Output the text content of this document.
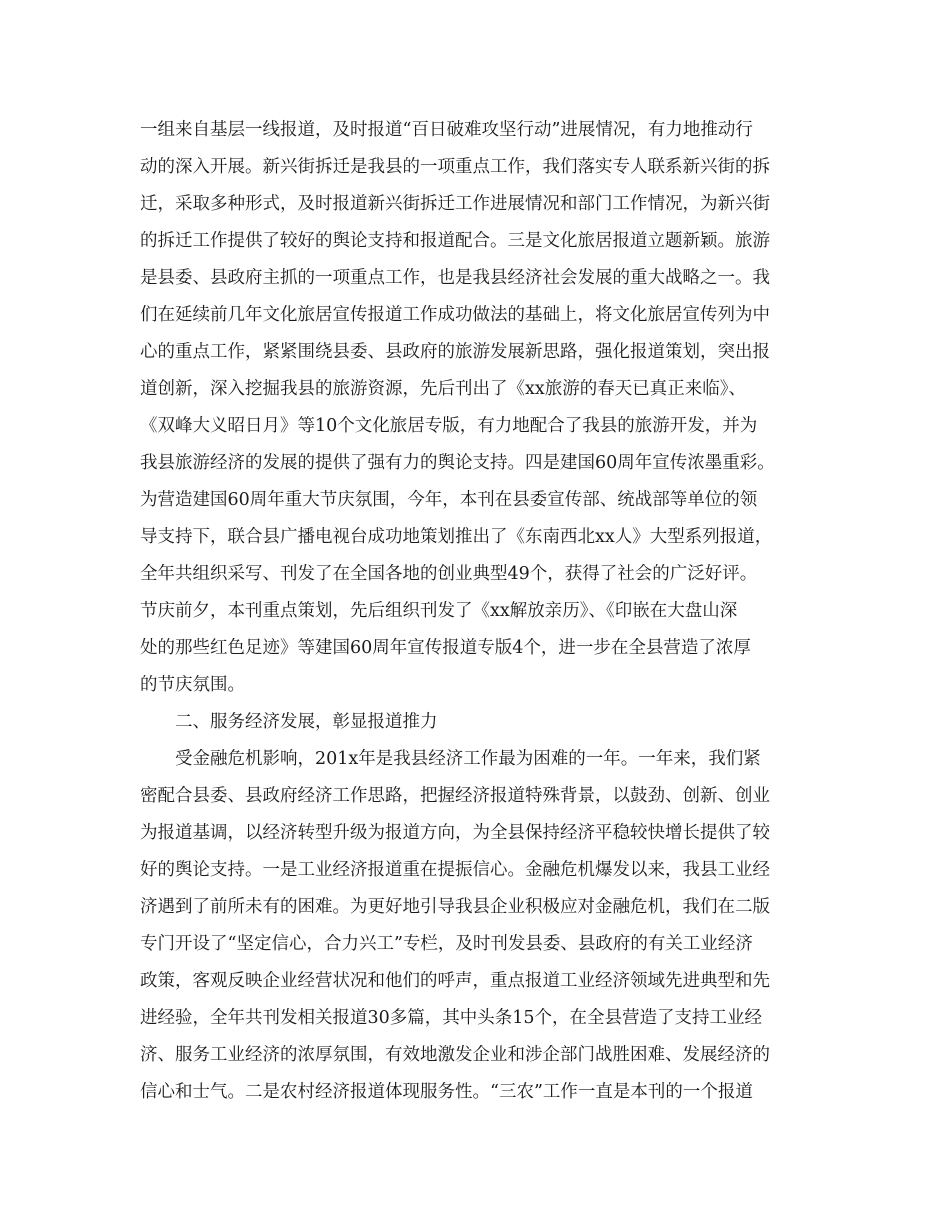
一组来自基层一线报道，及时报道“百日破难攻坚行动”进展情况，有力地推动行

动的深入开展。新兴街拆迁是我县的一项重点工作，我们落实专人联系新兴街的拆

迁，采取多种形式，及时报道新兴街拆迁工作进展情况和部门工作情况，为新兴街

的拆迁工作提供了较好的舆论支持和报道配合。三是文化旅居报道立题新颖。旅游

是县委、县政府主抓的一项重点工作，也是我县经济社会发展的重大战略之一。我

们在延续前几年文化旅居宣传报道工作成功做法的基础上，将文化旅居宣传列为中

心的重点工作，紧紧围绕县委、县政府的旅游发展新思路，强化报道策划，突出报

道创新，深入挖掘我县的旅游资源，先后刊出了《xx旅游的春天已真正来临》、

《双峰大义昭日月》等10个文化旅居专版，有力地配合了我县的旅游开发，并为

我县旅游经济的发展的提供了强有力的舆论支持。四是建国60周年宣传浓墨重彩。

为营造建国60周年重大节庆氛围，今年，本刊在县委宣传部、统战部等单位的领

导支持下，联合县广播电视台成功地策划推出了《东南西北xx人》大型系列报道，

全年共组织采写、刊发了在全国各地的创业典型49个，获得了社会的广泛好评。

节庆前夕，本刊重点策划，先后组织刊发了《xx解放亲历》、《印嵌在大盘山深

处的那些红色足迹》等建国60周年宣传报道专版4个，进一步在全县营造了浓厚

的节庆氛围。

二、服务经济发展，彰显报道推力

受金融危机影响，201x年是我县经济工作最为困难的一年。一年来，我们紧

密配合县委、县政府经济工作思路，把握经济报道特殊背景，以鼓劲、创新、创业

为报道基调，以经济转型升级为报道方向，为全县保持经济平稳较快增长提供了较

好的舆论支持。一是工业经济报道重在提振信心。金融危机爆发以来，我县工业经

济遇到了前所未有的困难。为更好地引导我县企业积极应对金融危机，我们在二版

专门开设了“坚定信心，合力兴工”专栏，及时刊发县委、县政府的有关工业经济

政策，客观反映企业经营状况和他们的呼声，重点报道工业经济领域先进典型和先

进经验，全年共刊发相关报道30多篇，其中头条15个，在全县营造了支持工业经

济、服务工业经济的浓厚氛围，有效地激发企业和涉企部门战胜困难、发展经济的

信心和士气。二是农村经济报道体现服务性。“三农”工作一直是本刊的一个报道
